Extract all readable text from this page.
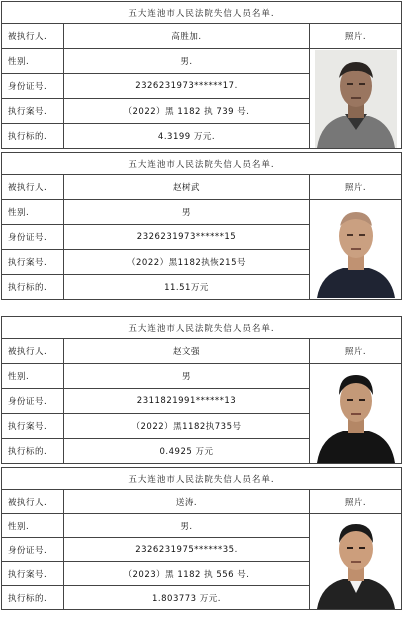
五大连池市人民法院失信人员名单.		
被执行人.	高胜加.	照片.
性别.	男.	

身份证号.	2326231973******17.	
执行案号.	（2022）黑 1182 执 739 号.	
执行标的.	4.3199 万元.	
五大连池市人民法院失信人员名单.		
被执行人.	赵树武	照片.
性别.	男	

身份证号.	2326231973******15	
执行案号.	（2022）黑1182执恢215号	
执行标的.	11.51万元	
五大连池市人民法院失信人员名单.		
被执行人.	赵文强	照片.
性别.	男	

身份证号.	2311821991******13	
执行案号.	（2022）黑1182执735号	
执行标的.	0.4925 万元	
五大连池市人民法院失信人员名单.		
被执行人.	送涛.	照片.
性别.	男.	

身份证号.	2326231975******35.	
执行案号.	（2023）黑 1182 执 556 号.	
执行标的.	1.803773 万元.	
